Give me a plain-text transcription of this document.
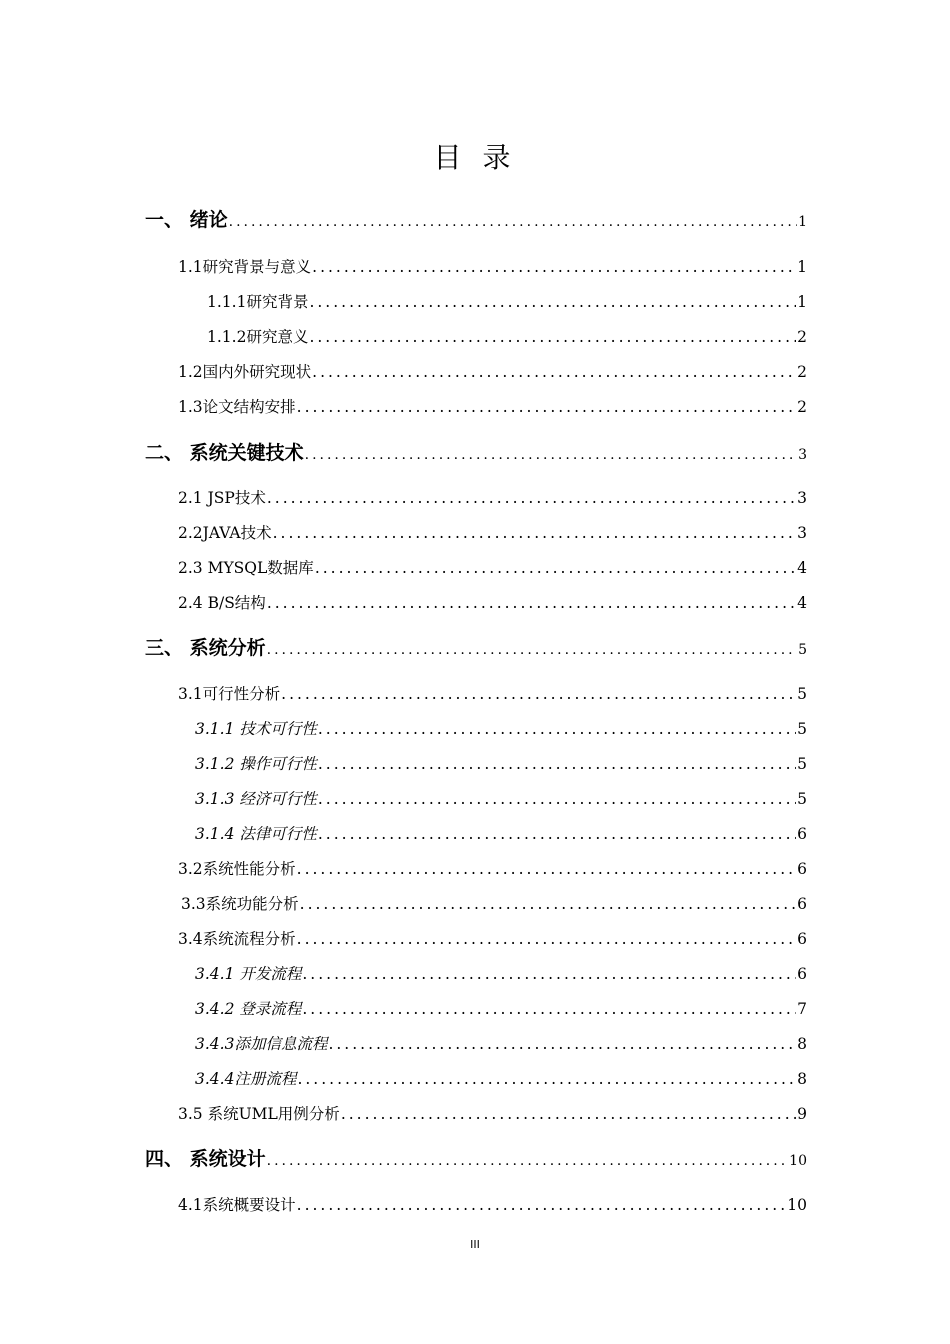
目 录
一、 绪论 .....	1
1.1研究背景与意义 .....	1
1.1.1研究背景 .....	1
1.1.2研究意义 .....	2
1.2国内外研究现状 .....	2
1.3论文结构安排 .....	2
二、 系统关键技术 .....	3
2.1 JSP技术 .....	3
2.2JAVA技术 .....	3
2.3 MYSQL数据库 .....	4
2.4 B/S结构 .....	4
三、 系统分析 .....	5
3.1可行性分析 .....	5
3.1.1 技术可行性 .....	5
3.1.2 操作可行性 .....	5
3.1.3 经济可行性 .....	5
3.1.4 法律可行性 .....	6
3.2系统性能分析 .....	6
3.3系统功能分析 .....	6
3.4系统流程分析 .....	6
3.4.1 开发流程 .....	6
3.4.2 登录流程 .....	7
3.4.3添加信息流程 .....	8
3.4.4注册流程 .....	8
3.5 系统UML用例分析 .....	9
四、 系统设计 .....	10
4.1系统概要设计 .....	10
III
